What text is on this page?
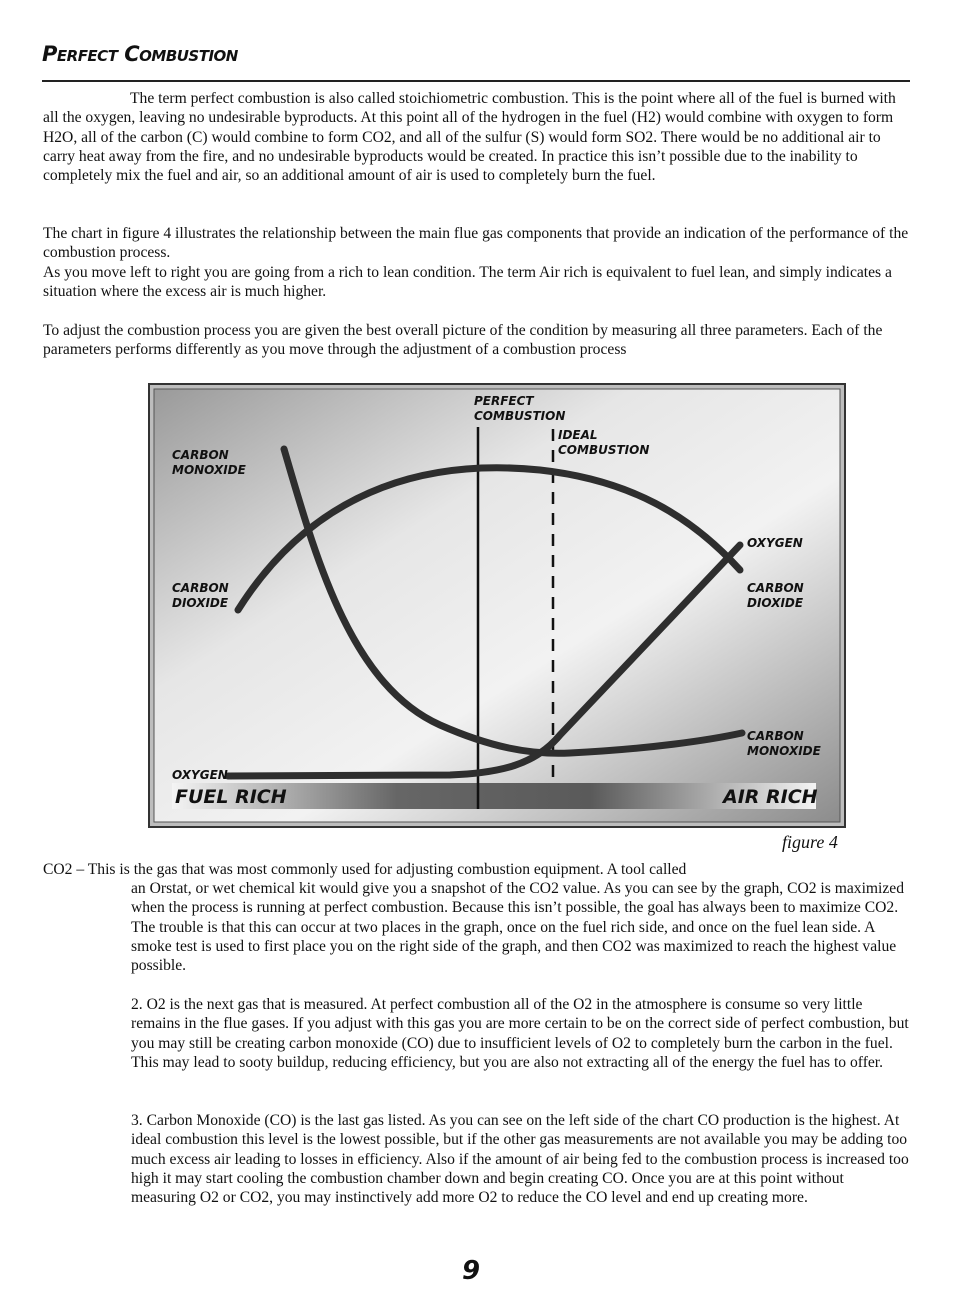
Perfect Combustion

The term perfect combustion is also called stoichiometric combustion. This is the point where all of the fuel is burned with all the oxygen, leaving no undesirable byproducts. At this point all of the hydrogen in the fuel (H2) would combine with oxygen to form H2O, all of the carbon (C) would combine to form CO2, and all of the sulfur (S) would form SO2. There would be no additional air to carry heat away from the fire, and no undesirable byproducts would be created. In practice this isn’t possible due to the inability to completely mix the fuel and air, so an additional amount of air is used to completely burn the fuel.

The chart in figure 4 illustrates the relationship between the main flue gas components that provide an indication of the performance of the combustion process.

As you move left to right you are going from a rich to lean condition. The term Air rich is equivalent to fuel lean, and simply indicates a situation where the excess air is much higher.

To adjust the combustion process you are given the best overall picture of the condition by measuring all three parameters. Each of the parameters performs differently as you move through the adjustment of a combustion process

PERFECT
COMBUSTION
IDEAL
COMBUSTION
CARBON
MONOXIDE
CARBON
DIOXIDE
OXYGEN
OXYGEN
CARBON
DIOXIDE
CARBON
MONOXIDE
FUEL RICH	AIR RICH
figure 4

CO2 – This is the gas that was most commonly used for adjusting combustion equipment. A tool called

an Orstat, or wet chemical kit would give you a snapshot of the CO2 value. As you can see by the graph, CO2 is maximized when the process is running at perfect combustion. Because this isn’t possible, the goal has always been to maximize CO2. The trouble is that this can occur at two places in the graph, once on the fuel rich side, and once on the fuel lean side. A smoke test is used to first place you on the right side of the graph, and then CO2 was maximized to reach the highest value possible.

2. O2 is the next gas that is measured. At perfect combustion all of the O2 in the atmosphere is consume so very little remains in the flue gases. If you adjust with this gas you are more certain to be on the correct side of perfect combustion, but you may still be creating carbon monoxide (CO) due to insufficient levels of O2 to completely burn the carbon in the fuel. This may lead to sooty buildup, reducing efficiency, but you are also not extracting all of the energy the fuel has to offer.

3. Carbon Monoxide (CO) is the last gas listed. As you can see on the left side of the chart CO production is the highest. At ideal combustion this level is the lowest possible, but if the other gas measurements are not available you may be adding too much excess air leading to losses in efficiency. Also if the amount of air being fed to the combustion process is increased too high it may start cooling the combustion chamber down and begin creating CO. Once you are at this point without measuring O2 or CO2, you may instinctively add more O2 to reduce the CO level and end up creating more.

9
